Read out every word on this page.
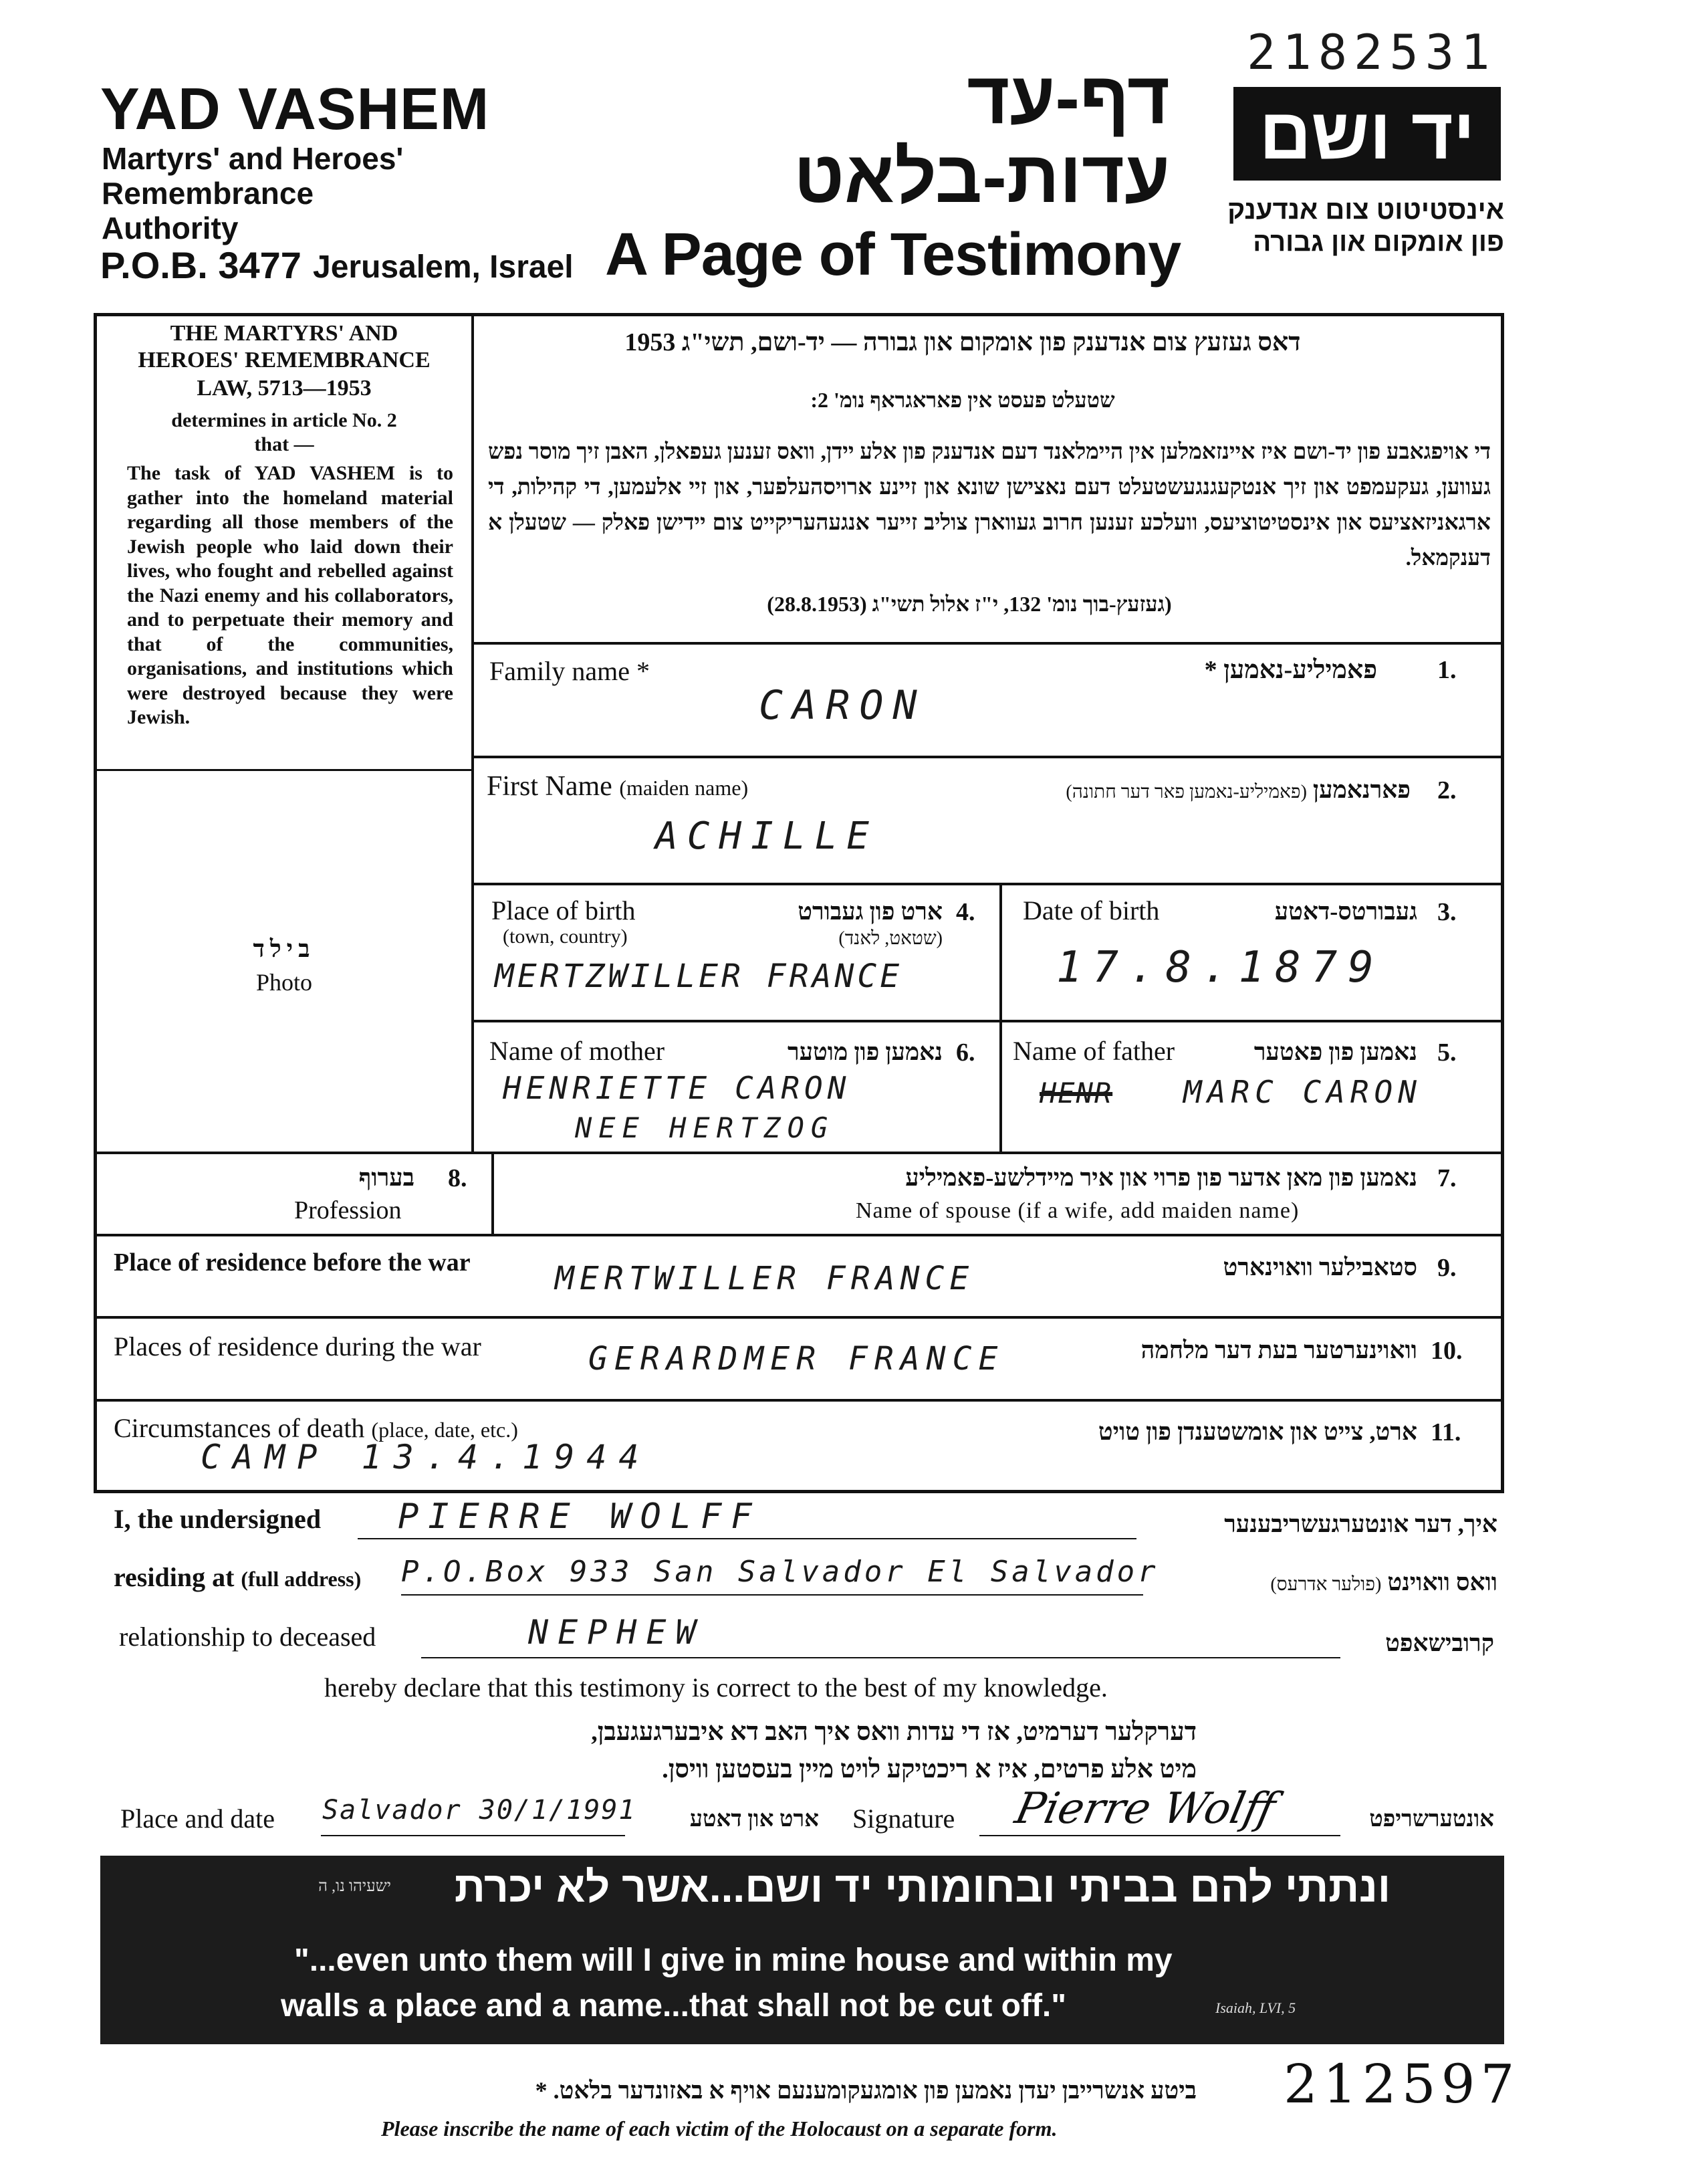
2182531
YAD VASHEM
Martyrs' and Heroes'
Remembrance
Authority
P.O.B. 3477 Jerusalem, Israel
דף-עד
עדות-בלאט
A Page of Testimony
יד ושם
אינסטיטוט צום אנדענק
פון אומקום און גבורה
THE MARTYRS' AND
HEROES' REMEMBRANCE
LAW, 5713—1953
determines in article No. 2
that —
The task of YAD VASHEM is to gather into the homeland material regarding all those members of the Jewish people who laid down their lives, who fought and rebelled against the Nazi enemy and his collaborators, and to perpetuate their memory and that of the communities, organisations, and institutions which were destroyed because they were Jewish.
בילד
Photo
דאס געזעץ צום אנדענק פון אומקום און גבורה — יד-ושם, תשי"ג 1953
שטעלט פעסט אין פאראגראף נומ' 2:
די אויפגאבע פון יד-ושם איז איינזאמלען אין היימלאנד דעם אנדענק פון אלע יידן, וואס זענען געפאלן, האבן זיך מוסר נפש געווען, געקעמפט און זיך אנטקעגנגעשטעלט דעם נאצישן שונא און זיינע ארויסהעלפער, און זיי אלעמען, די קהילות, די ארגאניזאציעס און אינסטיטוציעס, וועלכע זענען חרוב געווארן צוליב זייער אנגעהעריקייט צום יידישן פאלק — שטעלן א דענקמאל.
(געזעץ-בוך נומ' 132, י"ז אלול תשי"ג (28.8.1953)
Family name *	פאמיליע-נאמען * 1.
CARON
First Name (maiden name)	פארנאמען (פאמיליע-נאמען פאר דער חתונה)	2.
ACHILLE
Place of birth
(town, country)
ארט פון געבורט
(שטאט, לאנד)
4.
MERTZWILLER FRANCE
Date of birth	געבורטס-דאטע 3.
17.8.1879
Name of mother	נאמען פון מוטער 6.
HENRIETTE CARON
NEE HERTZOG
Name of father	נאמען פון פאטער 5.
HENR MARC CARON
בערוף 8.
Profession
נאמען פון מאן אדער פון פרוי און איר מיידלשע-פאמיליע 7.
Name of spouse (if a wife, add maiden name)
Place of residence before the war	סטאבילער וואוינארט 9.
MERTWILLER FRANCE
Places of residence during the war	וואוינערטער בעת דער מלחמה 10.
GERARDMER FRANCE
Circumstances of death (place, date, etc.)	ארט, צייט און אומשטענדן פון טויט 11.
CAMP 13.4.1944
I, the undersigned PIERRE WOLFF	איך, דער אונטערגעשריבענער
residing at (full address) P.O.Box 933 San Salvador El Salvador	וואס וואוינט (פולער אדרעס)
relationship to deceased	NEPHEW	קרובישאפט
hereby declare that this testimony is correct to the best of my knowledge.
דערקלער דערמיט, אז די עדות וואס איך האב דא איבערגעגעבן,
מיט אלע פרטים, איז א ריכטיקע לויט מיין בעסטען וויסן.
Place and date Salvador 30/1/1991	ארט און דאטע Signature Pierre Wolff	אונטערשריפט
ונתתי להם בביתי ובחומותי יד ושם...אשר לא יכרת
ישעיהו נו, ה
"...even unto them will I give in mine house and within my
walls a place and a name...that shall not be cut off."	Isaiah, LVI, 5
ביטע אנשרייבן יעדן נאמען פון אומגעקומענעם אויף א באזונדער בלאט. *
Please inscribe the name of each victim of the Holocaust on a separate form.
212597
